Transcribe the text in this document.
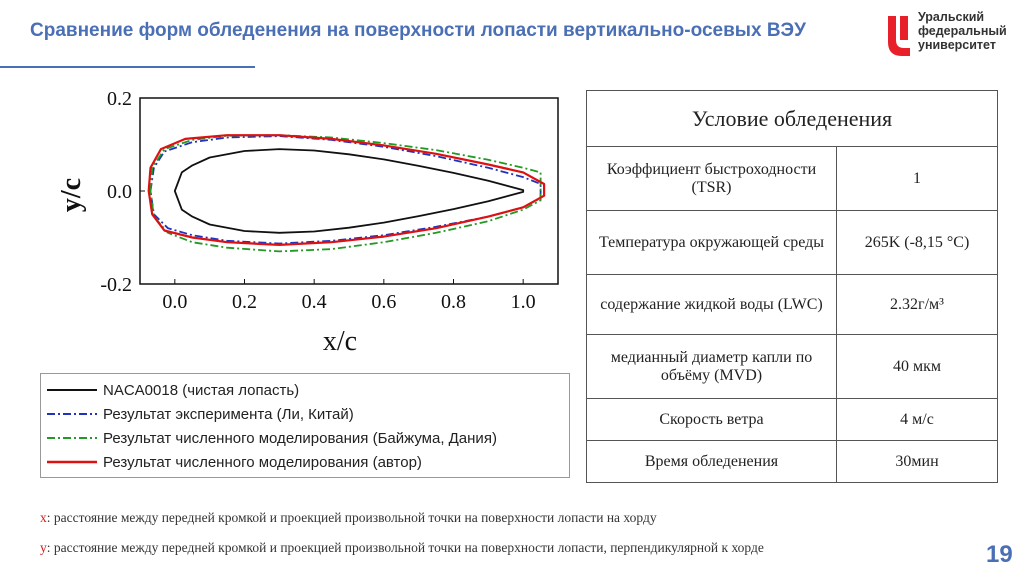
Сравнение форм обледенения на поверхности лопасти вертикально-осевых ВЭУ
Уральский
федеральный
университет
0.0 0.2 0.4 0.6 0.8 1.0
0.2
0.0
-0.2
x/c
y/c
NACA0018 (чистая лопасть)
Результат эксперимента (Ли, Китай)
Результат численного моделирования (Байжума, Дания)
Результат численного моделирования (автор)
Условие обледенения	
Коэффициент быстроходности (TSR)	1
Температура окружающей среды	265K (-8,15 °С)
содержание жидкой воды (LWC)	2.32г/м³
медианный диаметр капли по объёму (MVD)	40 мкм
Скорость ветра	4 м/с
Время обледенения	30мин
x: расстояние между передней кромкой и проекцией произвольной точки на поверхности лопасти на хорду
y: расстояние между передней кромкой и проекцией произвольной точки на поверхности лопасти, перпендикулярной к хорде	19
